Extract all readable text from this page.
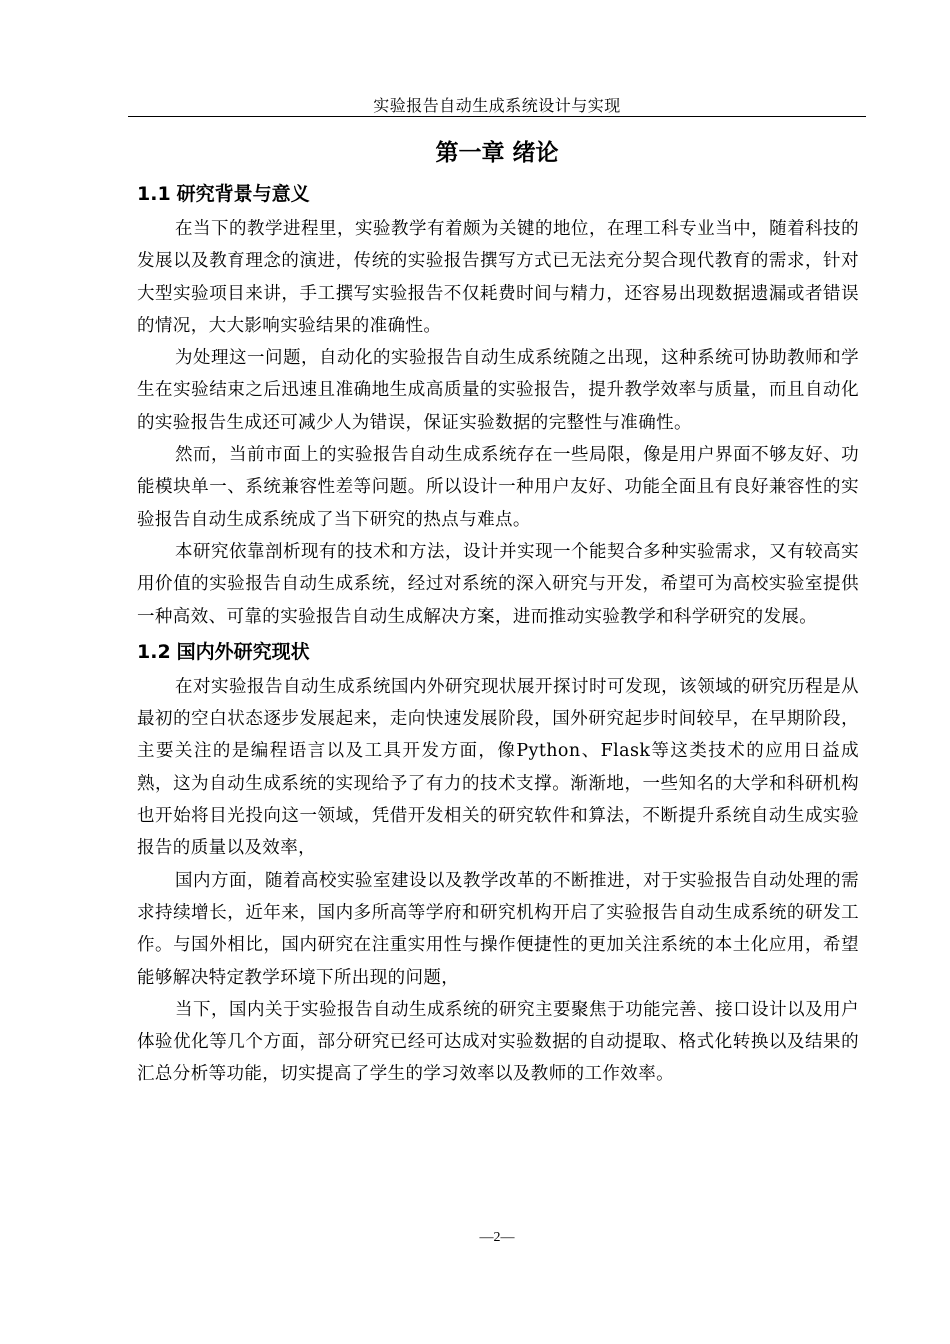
实验报告自动生成系统设计与实现
第一章 绪论
1.1 研究背景与意义

在当下的教学进程里，实验教学有着颇为关键的地位，在理工科专业当中，随着科技的发展以及教育理念的演进，传统的实验报告撰写方式已无法充分契合现代教育的需求，针对大型实验项目来讲，手工撰写实验报告不仅耗费时间与精力，还容易出现数据遗漏或者错误的情况，大大影响实验结果的准确性。

为处理这一问题，自动化的实验报告自动生成系统随之出现，这种系统可协助教师和学生在实验结束之后迅速且准确地生成高质量的实验报告，提升教学效率与质量，而且自动化的实验报告生成还可减少人为错误，保证实验数据的完整性与准确性。

然而，当前市面上的实验报告自动生成系统存在一些局限，像是用户界面不够友好、功能模块单一、系统兼容性差等问题。所以设计一种用户友好、功能全面且有良好兼容性的实验报告自动生成系统成了当下研究的热点与难点。

本研究依靠剖析现有的技术和方法，设计并实现一个能契合多种实验需求，又有较高实用价值的实验报告自动生成系统，经过对系统的深入研究与开发，希望可为高校实验室提供一种高效、可靠的实验报告自动生成解决方案，进而推动实验教学和科学研究的发展。

1.2 国内外研究现状

在对实验报告自动生成系统国内外研究现状展开探讨时可发现，该领域的研究历程是从最初的空白状态逐步发展起来，走向快速发展阶段，国外研究起步时间较早，在早期阶段，主要关注的是编程语言以及工具开发方面，像Python、Flask等这类技术的应用日益成熟，这为自动生成系统的实现给予了有力的技术支撑。渐渐地，一些知名的大学和科研机构也开始将目光投向这一领域，凭借开发相关的研究软件和算法，不断提升系统自动生成实验报告的质量以及效率，

国内方面，随着高校实验室建设以及教学改革的不断推进，对于实验报告自动处理的需求持续增长，近年来，国内多所高等学府和研究机构开启了实验报告自动生成系统的研发工作。与国外相比，国内研究在注重实用性与操作便捷性的更加关注系统的本土化应用，希望能够解决特定教学环境下所出现的问题，

当下，国内关于实验报告自动生成系统的研究主要聚焦于功能完善、接口设计以及用户体验优化等几个方面，部分研究已经可达成对实验数据的自动提取、格式化转换以及结果的汇总分析等功能，切实提高了学生的学习效率以及教师的工作效率。

—2—
